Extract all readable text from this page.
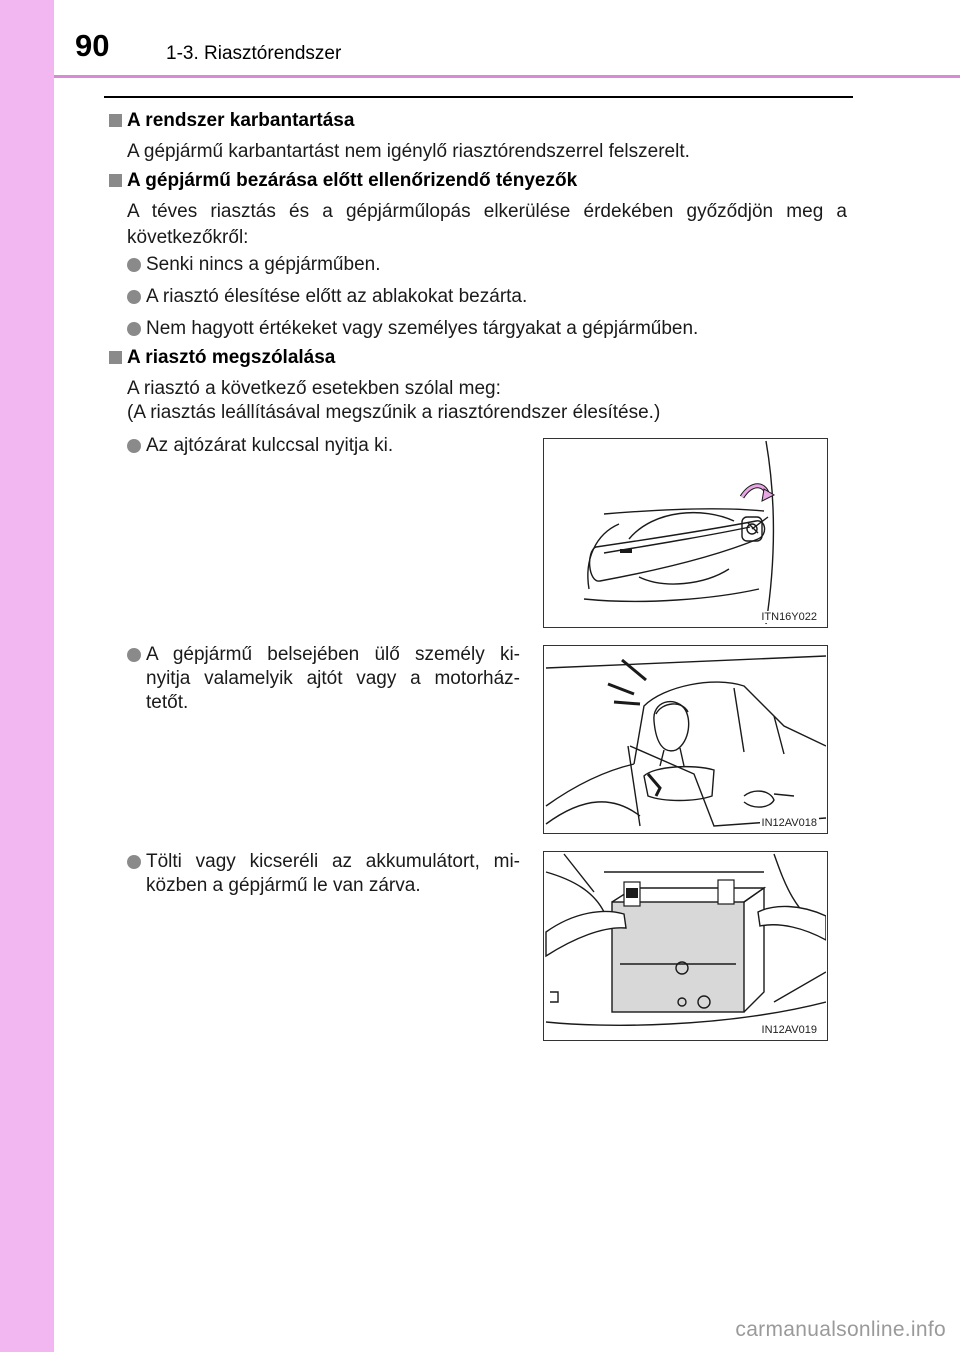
90	1-3. Riasztórendszer
A rendszer karbantartása
A gépjármű karbantartást nem igénylő riasztórendszerrel felszerelt.
A gépjármű bezárása előtt ellenőrizendő tényezők
A téves riasztás és a gépjárműlopás elkerülése érdekében győződjön meg a
következőkről:
Senki nincs a gépjárműben.
A riasztó élesítése előtt az ablakokat bezárta.
Nem hagyott értékeket vagy személyes tárgyakat a gépjárműben.
A riasztó megszólalása
A riasztó a következő esetekben szólal meg:
(A riasztás leállításával megszűnik a riasztórendszer élesítése.)
Az ajtózárat kulccsal nyitja ki.
A gépjármű belsejében ülő személy ki-
nyitja valamelyik ajtót vagy a motorház-
tetőt.
Tölti vagy kicseréli az akkumulátort, mi-
közben a gépjármű le van zárva.
ITN16Y022
IN12AV018
IN12AV019
carmanualsonline.info
